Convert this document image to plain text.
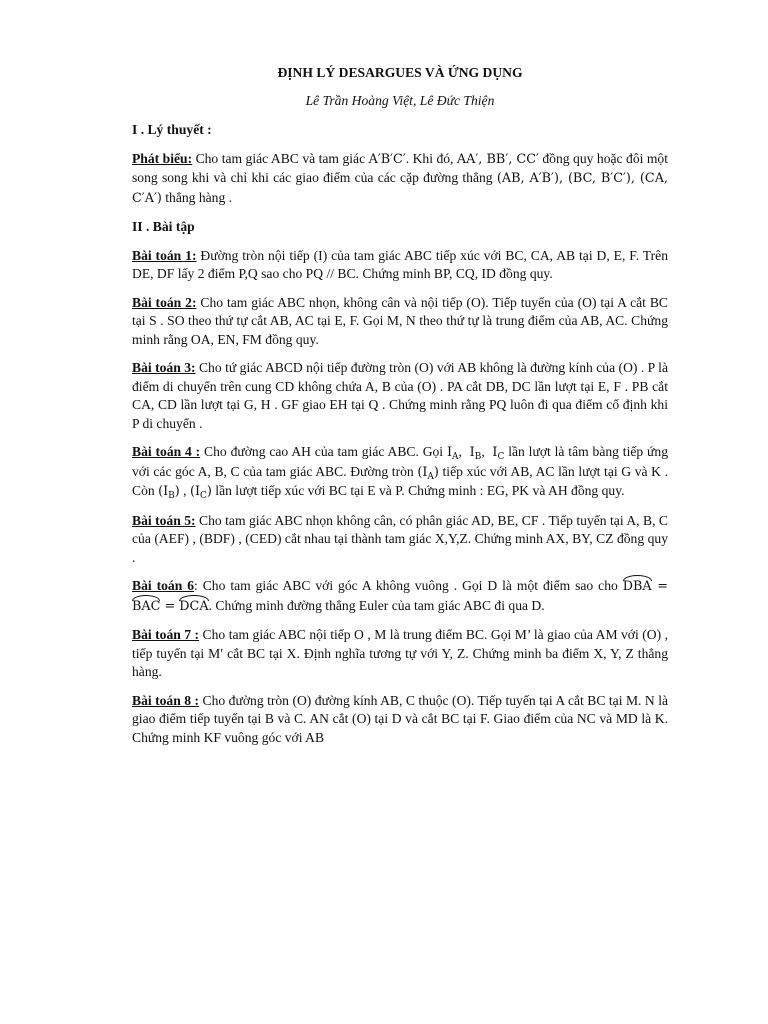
ĐỊNH LÝ DESARGUES VÀ ỨNG DỤNG

Lê Trần Hoàng Việt, Lê Đức Thiện

I . Lý thuyết :

Phát biểu: Cho tam giác ABC và tam giác A′B′C′. Khi đó, AA′, BB′, CC′ đồng quy hoặc đôi một song song khi và chỉ khi các giao điểm của các cặp đường thẳng (AB, A′B′), (BC, B′C′), (CA, C′A′) thẳng hàng .

II . Bài tập

Bài toán 1: Đường tròn nội tiếp (I) của tam giác ABC tiếp xúc với BC, CA, AB tại D, E, F. Trên DE, DF lấy 2 điểm P,Q sao cho PQ // BC. Chứng minh BP, CQ, ID đồng quy.

Bài toán 2: Cho tam giác ABC nhọn, không cân và nội tiếp (O). Tiếp tuyến của (O) tại A cắt BC tại S . SO theo thứ tự cắt AB, AC tại E, F. Gọi M, N theo thứ tự là trung điểm của AB, AC. Chứng minh rằng OA, EN, FM đồng quy.

Bài toán 3: Cho tứ giác ABCD nội tiếp đường tròn (O) với AB không là đường kính của (O) . P là điểm di chuyển trên cung CD không chứa A, B của (O) . PA cắt DB, DC lần lượt tại E, F . PB cắt CA, CD lần lượt tại G, H . GF giao EH tại Q . Chứng minh rằng PQ luôn đi qua điểm cố định khi P di chuyển .

Bài toán 4 : Cho đường cao AH của tam giác ABC. Gọi $I_A$,  $I_B$,  $I_C$ lần lượt là tâm bàng tiếp ứng với các góc A, B, C của tam giác ABC. Đường tròn $(I_A)$ tiếp xúc với AB, AC lần lượt tại G và K . Còn $(I_B)$ , $(I_C)$ lần lượt tiếp xúc với BC tại E và P. Chứng minh : EG, PK và AH đồng quy.

Bài toán 5: Cho tam giác ABC nhọn không cân, có phân giác AD, BE, CF . Tiếp tuyến tại A, B, C của (AEF) , (BDF) , (CED) cắt nhau tại thành tam giác X,Y,Z. Chứng minh AX, BY, CZ đồng quy .

Bài toán 6: Cho tam giác ABC với góc A không vuông . Gọi D là một điểm sao cho DBA = BAC = DCA. Chứng minh đường thẳng Euler của tam giác ABC đi qua D.

Bài toán 7 : Cho tam giác ABC nội tiếp O , M là trung điểm BC. Gọi M’ là giao của AM với (O) , tiếp tuyến tại M′ cắt BC tại X. Định nghĩa tương tự với Y, Z. Chứng minh ba điểm X, Y, Z thẳng hàng.

Bài toán 8 : Cho đường tròn (O) đường kính AB, C thuộc (O). Tiếp tuyến tại A cắt BC tại M. N là giao điểm tiếp tuyến tại B và C. AN cắt (O) tại D và cắt BC tại F. Giao điểm của NC và MD là K. Chứng minh KF vuông góc với AB
